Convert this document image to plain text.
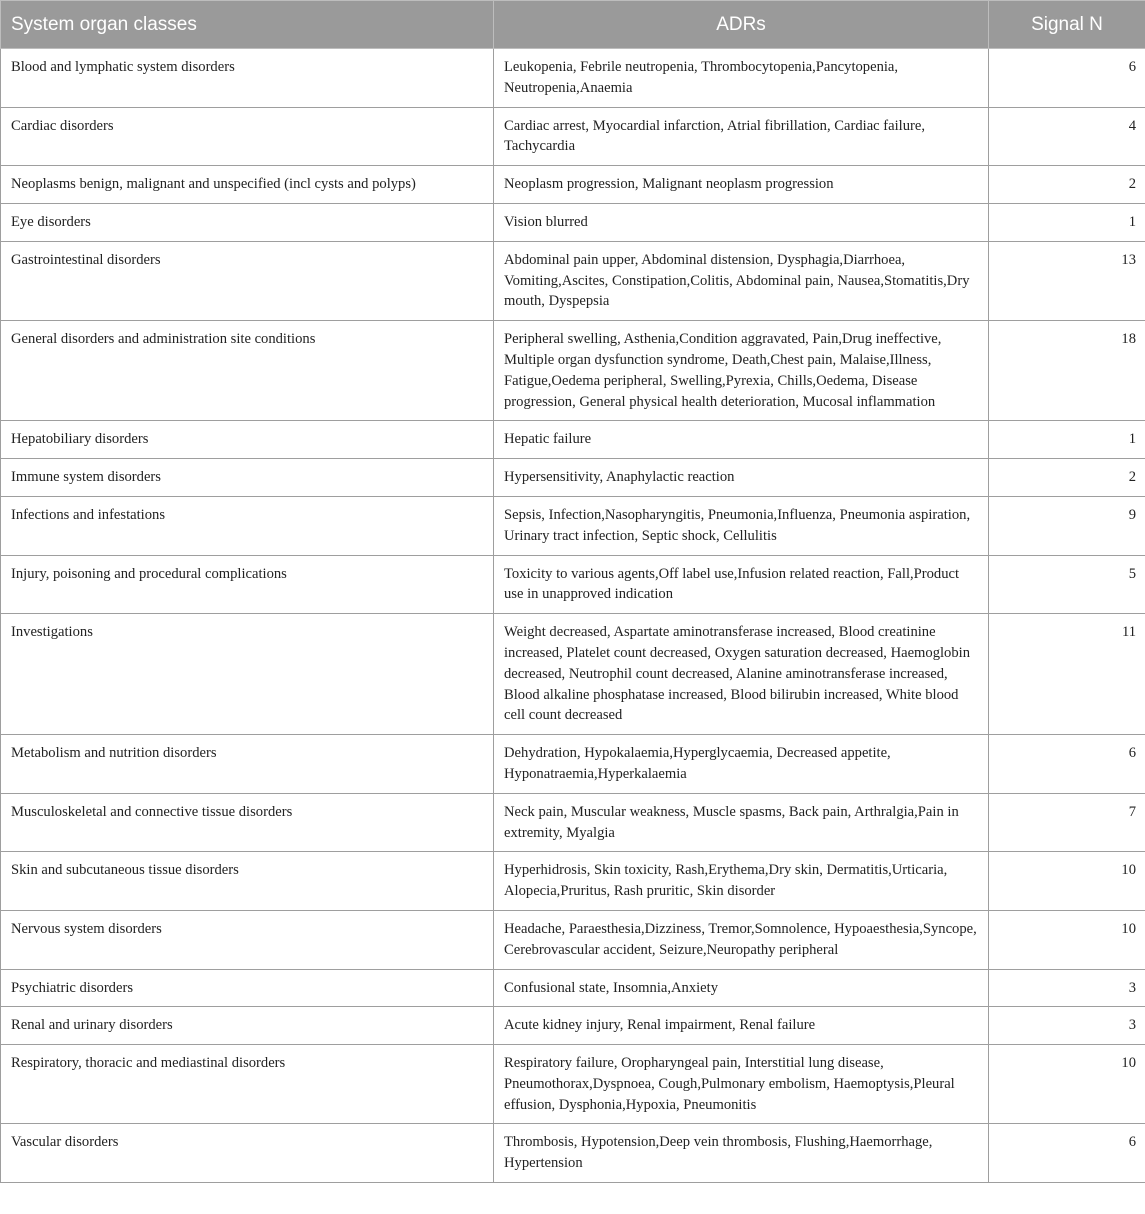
System organ classes	ADRs	Signal N
Blood and lymphatic system disorders	Leukopenia, Febrile neutropenia, Thrombocytopenia,Pancytopenia, Neutropenia,Anaemia	6
Cardiac disorders	Cardiac arrest, Myocardial infarction, Atrial fibrillation, Cardiac failure, Tachycardia	4
Neoplasms benign, malignant and unspecified (incl cysts and polyps)	Neoplasm progression, Malignant neoplasm progression	2
Eye disorders	Vision blurred	1
Gastrointestinal disorders	Abdominal pain upper, Abdominal distension, Dysphagia,Diarrhoea, Vomiting,Ascites, Constipation,Colitis, Abdominal pain, Nausea,Stomatitis,Dry mouth, Dyspepsia	13
General disorders and administration site conditions	Peripheral swelling, Asthenia,Condition aggravated, Pain,Drug ineffective, Multiple organ dysfunction syndrome, Death,Chest pain, Malaise,Illness, Fatigue,Oedema peripheral, Swelling,Pyrexia, Chills,Oedema, Disease progression, General physical health deterioration, Mucosal inflammation	18
Hepatobiliary disorders	Hepatic failure	1
Immune system disorders	Hypersensitivity, Anaphylactic reaction	2
Infections and infestations	Sepsis, Infection,Nasopharyngitis, Pneumonia,Influenza, Pneumonia aspiration, Urinary tract infection, Septic shock, Cellulitis	9
Injury, poisoning and procedural complications	Toxicity to various agents,Off label use,Infusion related reaction, Fall,Product use in unapproved indication	5
Investigations	Weight decreased, Aspartate aminotransferase increased, Blood creatinine increased, Platelet count decreased, Oxygen saturation decreased, Haemoglobin decreased, Neutrophil count decreased, Alanine aminotransferase increased, Blood alkaline phosphatase increased, Blood bilirubin increased, White blood cell count decreased	11
Metabolism and nutrition disorders	Dehydration, Hypokalaemia,Hyperglycaemia, Decreased appetite, Hyponatraemia,Hyperkalaemia	6
Musculoskeletal and connective tissue disorders	Neck pain, Muscular weakness, Muscle spasms, Back pain, Arthralgia,Pain in extremity, Myalgia	7
Skin and subcutaneous tissue disorders	Hyperhidrosis, Skin toxicity, Rash,Erythema,Dry skin, Dermatitis,Urticaria, Alopecia,Pruritus, Rash pruritic, Skin disorder	10
Nervous system disorders	Headache, Paraesthesia,Dizziness, Tremor,Somnolence, Hypoaesthesia,Syncope, Cerebrovascular accident, Seizure,Neuropathy peripheral	10
Psychiatric disorders	Confusional state, Insomnia,Anxiety	3
Renal and urinary disorders	Acute kidney injury, Renal impairment, Renal failure	3
Respiratory, thoracic and mediastinal disorders	Respiratory failure, Oropharyngeal pain, Interstitial lung disease, Pneumothorax,Dyspnoea, Cough,Pulmonary embolism, Haemoptysis,Pleural effusion, Dysphonia,Hypoxia, Pneumonitis	10
Vascular disorders	Thrombosis, Hypotension,Deep vein thrombosis, Flushing,Haemorrhage, Hypertension	6
